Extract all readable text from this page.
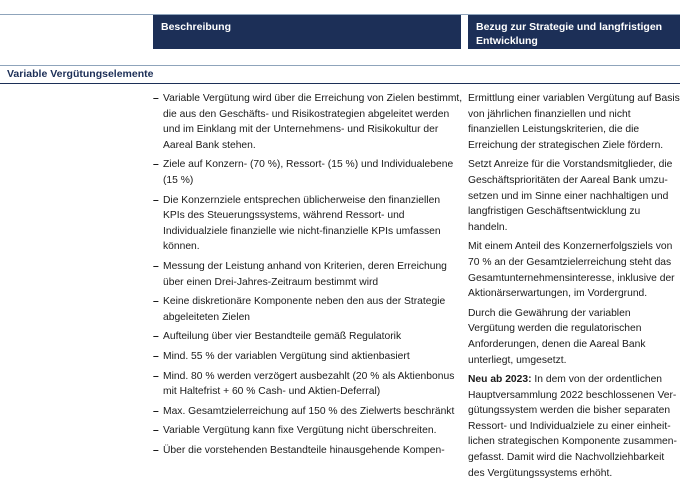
Beschreibung	Bezug zur Strategie und langfristigen Entwicklung
Variable Vergütungselemente
– Variable Vergütung wird über die Erreichung von Zielen bestimmt, die aus den Geschäfts- und Risikostrategien abgeleitet werden und im Einklang mit der Unternehmens- und Risikokultur der Aareal Bank stehen.
– Ziele auf Konzern- (70 %), Ressort- (15 %) und Individualebene (15 %)
– Die Konzernziele entsprechen üblicherweise den finanziellen KPIs des Steuerungssystems, während Ressort- und Individualziele finanzielle wie nicht-finanzielle KPIs umfassen können.
– Messung der Leistung anhand von Kriterien, deren Erreichung über einen Drei-Jahres-Zeitraum bestimmt wird
– Keine diskretionäre Komponente neben den aus der Strategie abgeleiteten Zielen
– Aufteilung über vier Bestandteile gemäß Regulatorik
– Mind. 55 % der variablen Vergütung sind aktienbasiert
– Mind. 80 % werden verzögert ausbezahlt (20 % als Aktienbonus mit Haltefrist + 60 % Cash- und Aktien-Deferral)
– Max. Gesamtzielerreichung auf 150 % des Zielwerts beschränkt
– Variable Vergütung kann fixe Vergütung nicht überschreiten.
– Über die vorstehenden Bestandteile hinausgehende Kompen-
Ermittlung einer variablen Vergütung auf Basis von jährlichen finanziellen und nicht finanziellen Leistungskriterien, die die Erreichung der strategischen Ziele fördern.
Setzt Anreize für die Vorstandsmitglieder, die Geschäftsprioritäten der Aareal Bank umzusetzen und im Sinne einer nachhaltigen und langfristigen Geschäftsentwicklung zu handeln.
Mit einem Anteil des Konzernerfolgsziels von 70 % an der Gesamtzielerreichung steht das Gesamtunternehmensinteresse, inklusive der Aktionärserwartungen, im Vordergrund.
Durch die Gewährung der variablen Vergütung werden die regulatorischen Anforderungen, denen die Aareal Bank unterliegt, umgesetzt.
Neu ab 2023: In dem von der ordentlichen Hauptversammlung 2022 beschlossenen Vergütungssystem werden die bisher separaten Ressort- und Individualziele zu einer einheitlichen strategischen Komponente zusammengefasst. Damit wird die Nachvollziehbarkeit des Vergütungssystems erhöht.
